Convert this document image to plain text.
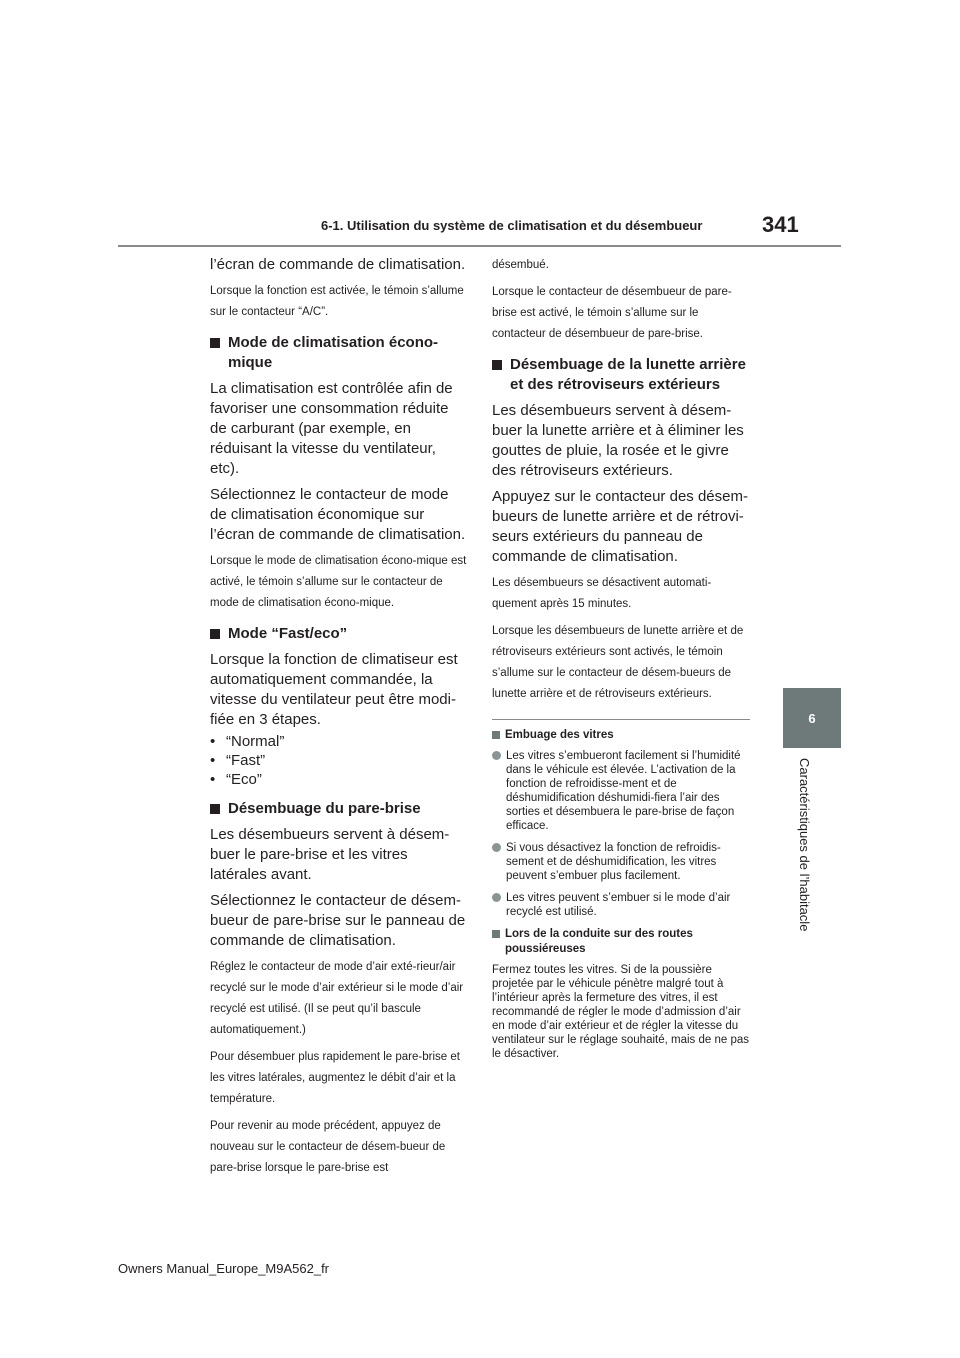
6-1. Utilisation du système de climatisation et du désembueur	341
6
Caractéristiques de l’habitacle

l’écran de commande de climatisation.

Lorsque la fonction est activée, le témoin s’allume sur le contacteur “A/C”.

Mode de climatisation écono-mique

La climatisation est contrôlée afin de favoriser une consommation réduite de carburant (par exemple, en réduisant la vitesse du ventilateur, etc).

Sélectionnez le contacteur de mode de climatisation économique sur l’écran de commande de climatisation.

Lorsque le mode de climatisation écono-mique est activé, le témoin s’allume sur le contacteur de mode de climatisation écono-mique.

Mode “Fast/eco”

Lorsque la fonction de climatiseur est automatiquement commandée, la vitesse du ventilateur peut être modi-fiée en 3 étapes.

• “Normal”
• “Fast”
• “Eco”
Désembuage du pare-brise

Les désembueurs servent à désem-buer le pare-brise et les vitres latérales avant.

Sélectionnez le contacteur de désem-bueur de pare-brise sur le panneau de commande de climatisation.

Réglez le contacteur de mode d’air exté-rieur/air recyclé sur le mode d’air extérieur si le mode d’air recyclé est utilisé. (Il se peut qu’il bascule automatiquement.)

Pour désembuer plus rapidement le pare-brise et les vitres latérales, augmentez le débit d’air et la température.

Pour revenir au mode précédent, appuyez de nouveau sur le contacteur de désem-bueur de pare-brise lorsque le pare-brise est

désembué.

Lorsque le contacteur de désembueur de pare-brise est activé, le témoin s’allume sur le contacteur de désembueur de pare-brise.

Désembuage de la lunette arrière et des rétroviseurs extérieurs

Les désembueurs servent à désem-buer la lunette arrière et à éliminer les gouttes de pluie, la rosée et le givre des rétroviseurs extérieurs.

Appuyez sur le contacteur des désem-bueurs de lunette arrière et de rétrovi-seurs extérieurs du panneau de commande de climatisation.

Les désembueurs se désactivent automati-quement après 15 minutes.

Lorsque les désembueurs de lunette arrière et de rétroviseurs extérieurs sont activés, le témoin s’allume sur le contacteur de désem-bueurs de lunette arrière et de rétroviseurs extérieurs.

Embuage des vitres
Les vitres s’embueront facilement si l’humidité dans le véhicule est élevée. L’activation de la fonction de refroidisse-ment et de déshumidification déshumidi-fiera l’air des sorties et désembuera le pare-brise de façon efficace.
Si vous désactivez la fonction de refroidis-sement et de déshumidification, les vitres peuvent s’embuer plus facilement.
Les vitres peuvent s’embuer si le mode d’air recyclé est utilisé.
Lors de la conduite sur des routes poussiéreuses

Fermez toutes les vitres. Si de la poussière projetée par le véhicule pénètre malgré tout à l’intérieur après la fermeture des vitres, il est recommandé de régler le mode d’admission d’air en mode d’air extérieur et de régler la vitesse du ventilateur sur le réglage souhaité, mais de ne pas le désactiver.

Owners Manual_Europe_M9A562_fr
